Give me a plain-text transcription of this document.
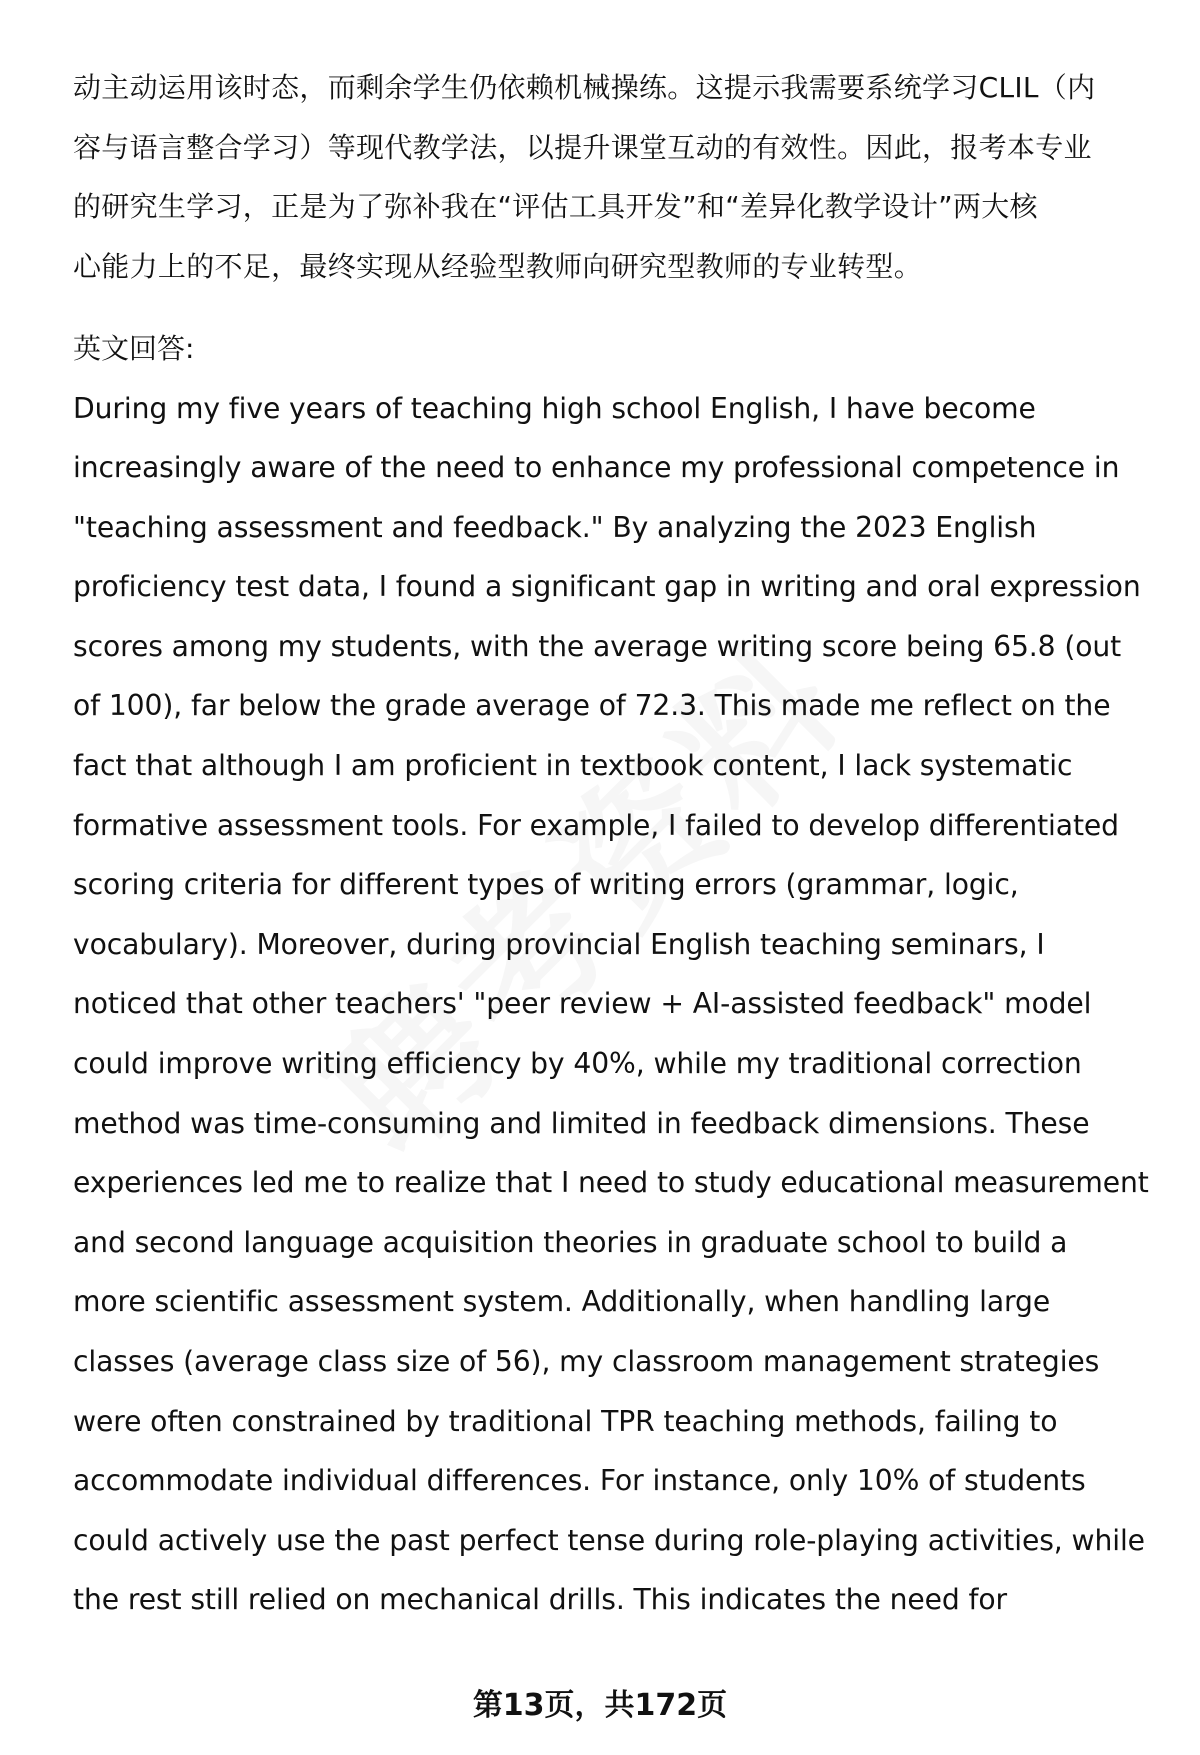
动主动运用该时态，而剩余学生仍依赖机械操练。这提示我需要系统学习CLIL（内
容与语言整合学习）等现代教学法，以提升课堂互动的有效性。因此，报考本专业
的研究生学习，正是为了弥补我在“评估工具开发”和“差异化教学设计”两大核
心能力上的不足，最终实现从经验型教师向研究型教师的专业转型。
英文回答:
During my five years of teaching high school English, I have become
increasingly aware of the need to enhance my professional competence in
"teaching assessment and feedback." By analyzing the 2023 English
proficiency test data, I found a significant gap in writing and oral expression
scores among my students, with the average writing score being 65.8 (out
of 100), far below the grade average of 72.3. This made me reflect on the
fact that although I am proficient in textbook content, I lack systematic
formative assessment tools. For example, I failed to develop differentiated
scoring criteria for different types of writing errors (grammar, logic,
vocabulary). Moreover, during provincial English teaching seminars, I
noticed that other teachers' "peer review + AI-assisted feedback" model
could improve writing efficiency by 40%, while my traditional correction
method was time-consuming and limited in feedback dimensions. These
experiences led me to realize that I need to study educational measurement
and second language acquisition theories in graduate school to build a
more scientific assessment system. Additionally, when handling large
classes (average class size of 56), my classroom management strategies
were often constrained by traditional TPR teaching methods, failing to
accommodate individual differences. For instance, only 10% of students
could actively use the past perfect tense during role-playing activities, while
the rest still relied on mechanical drills. This indicates the need for
第13页，共172页
